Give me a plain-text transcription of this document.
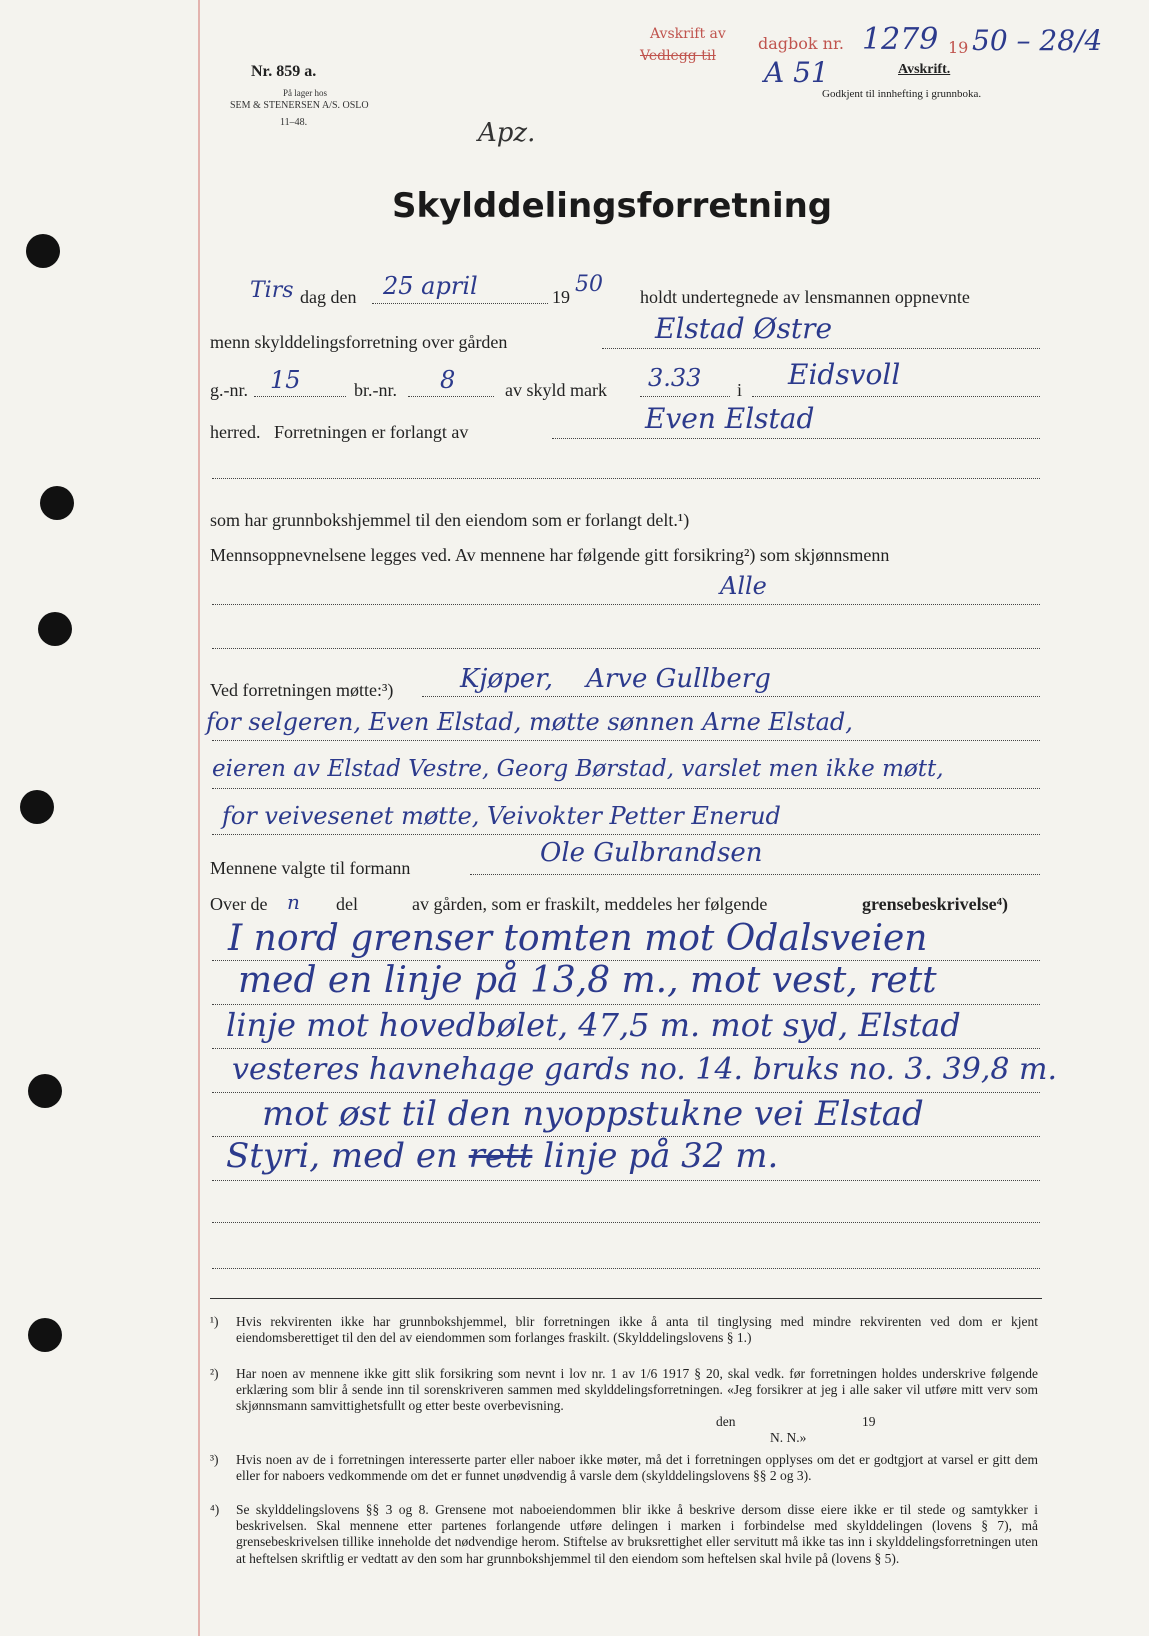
Nr. 859 a.
På lager hos
SEM & STENERSEN A/S. OSLO
11–48.	Apz.
Avskrift av
Vedlegg til
dagbok nr. 1279 19 50 – 28/4
A 51	Avskrift.
Godkjent til innhefting i grunnboka.
Skylddelingsforretning
Tirs dag den 25 april	19 50 holdt undertegnede av lensmannen oppnevnte
menn skylddelingsforretning over gården	Elstad Østre
g.-nr. 15	br.-nr. 8	av skyld mark 3.33 i Eidsvoll
herred.   Forretningen er forlangt av	Even Elstad
som har grunnbokshjemmel til den eiendom som er forlangt delt.¹)
Mennsoppnevnelsene legges ved. Av mennene har følgende gitt forsikring²) som skjønnsmenn
Alle
Ved forretningen møtte:³)	Kjøper,    Arve Gullberg
for selgeren, Even Elstad, møtte sønnen Arne Elstad,
eieren av Elstad Vestre, Georg Børstad, varslet men ikke møtt,
for veivesenet møtte, Veivokter Petter Enerud
Mennene valgte til formann	Ole Gulbrandsen
Over de n del	av gården, som er fraskilt, meddeles her følgende	grensebeskrivelse⁴)
I nord grenser tomten mot Odalsveien
med en linje på 13,8 m., mot vest, rett
linje mot hovedbølet, 47,5 m. mot syd, Elstad
vesteres havnehage gards no. 14. bruks no. 3. 39,8 m.
mot øst til den nyoppstukne vei Elstad
Styri, med en rett linje på 32 m.
¹) Hvis rekvirenten ikke har grunnbokshjemmel, blir forretningen ikke å anta til tinglysing med mindre rekvirenten ved dom er kjent eiendomsberettiget til den del av eiendommen som forlanges fraskilt. (Skylddelingslovens § 1.)
²) Har noen av mennene ikke gitt slik forsikring som nevnt i lov nr. 1 av 1/6 1917 § 20, skal vedk. før forretningen holdes underskrive følgende erklæring som blir å sende inn til sorenskriveren sammen med skylddelingsforretningen. «Jeg forsikrer at jeg i alle saker vil utføre mitt verv som skjønnsmann samvittighetsfullt og etter beste overbevisning.
den	19
N. N.»
³) Hvis noen av de i forretningen interesserte parter eller naboer ikke møter, må det i forretningen opplyses om det er godtgjort at varsel er gitt dem eller for naboers vedkommende om det er funnet unødvendig å varsle dem (skylddelingslovens §§ 2 og 3).
⁴) Se skylddelingslovens §§ 3 og 8. Grensene mot naboeiendommen blir ikke å beskrive dersom disse eiere ikke er til stede og samtykker i beskrivelsen. Skal mennene etter partenes forlangende utføre delingen i marken i forbindelse med skylddelingen (lovens § 7), må grensebeskrivelsen tillike inneholde det nødvendige herom. Stiftelse av bruksrettighet eller servitutt må ikke tas inn i skylddelingsforretningen uten at heftelsen skriftlig er vedtatt av den som har grunnbokshjemmel til den eiendom som heftelsen skal hvile på (lovens § 5).
